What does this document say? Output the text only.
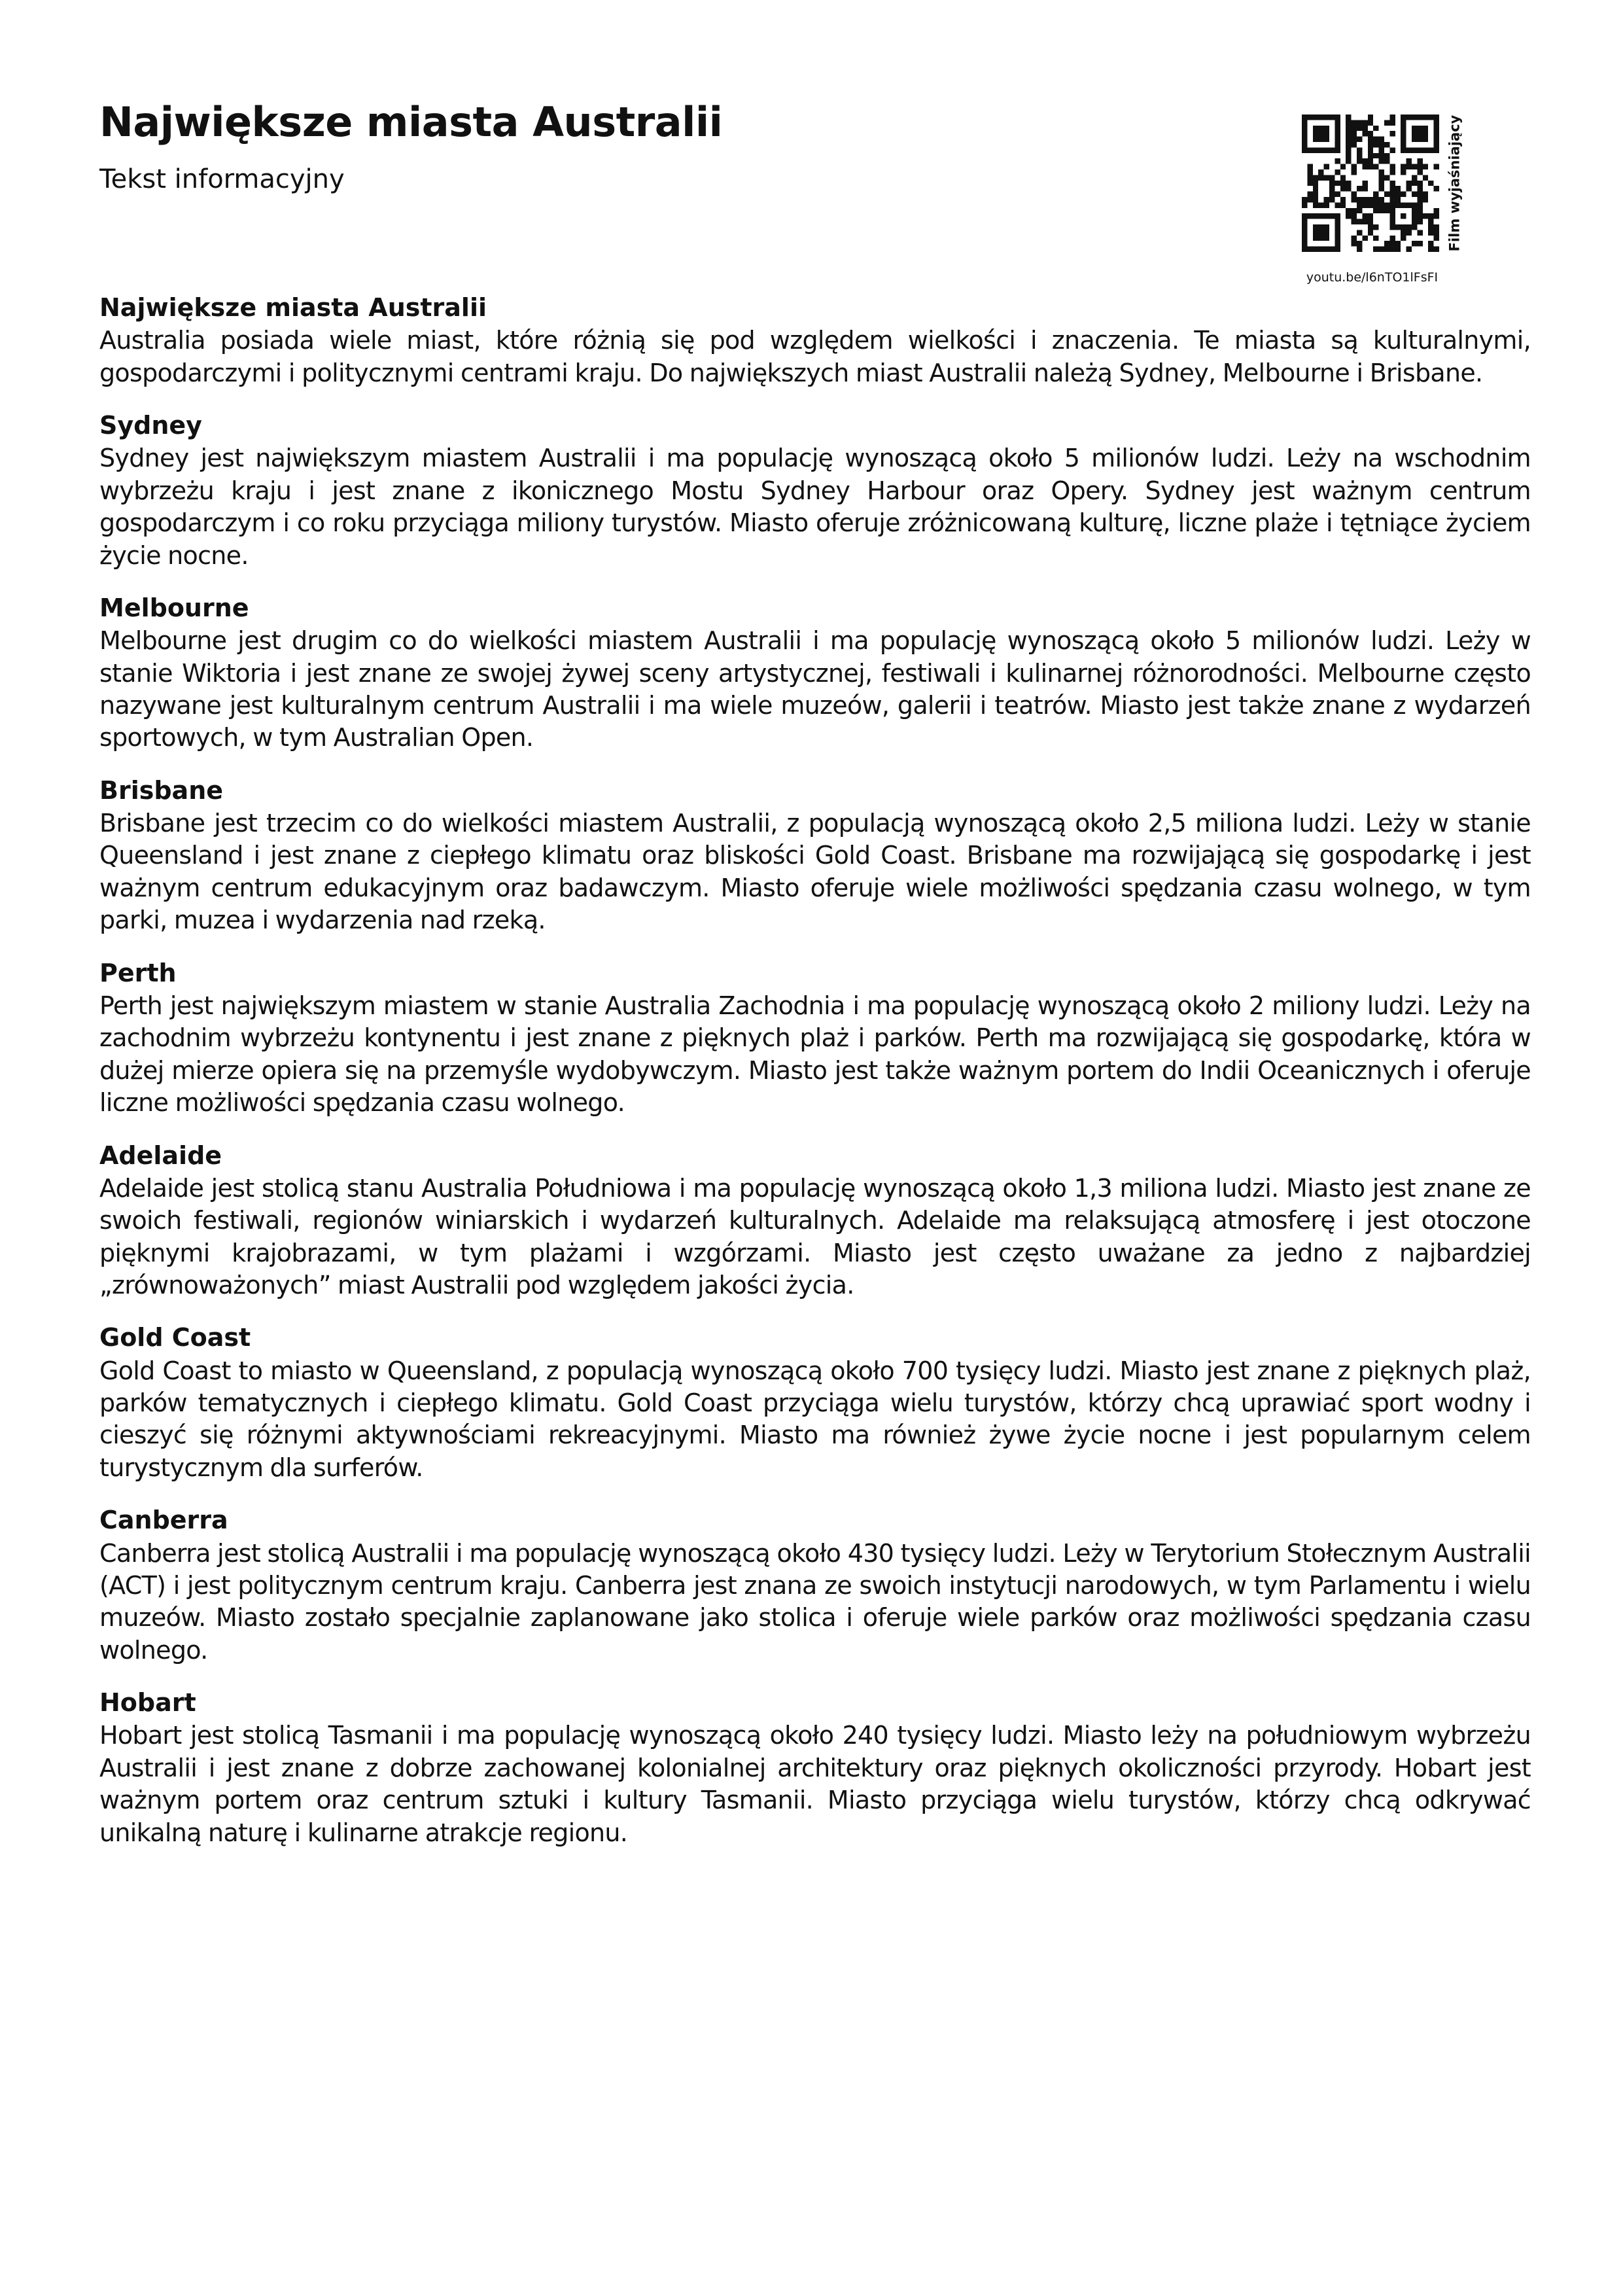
Największe miasta Australii

Tekst informacyjny

youtu.be/l6nTO1lFsFI
Film wyjaśniający
Największe miasta Australii

Australia posiada wiele miast, które różnią się pod względem wielkości i znaczenia. Te miasta są kulturalnymi, gospodarczymi i politycznymi centrami kraju. Do największych miast Australii należą Sydney, Melbourne i Brisbane.

Sydney

Sydney jest największym miastem Australii i ma populację wynoszącą około 5 milionów ludzi. Leży na wschodnim wybrzeżu kraju i jest znane z ikonicznego Mostu Sydney Harbour oraz Opery. Sydney jest ważnym centrum gospodarczym i co roku przyciąga miliony turystów. Miasto oferuje zróżnicowaną kulturę, liczne plaże i tętniące życiem życie nocne.

Melbourne

Melbourne jest drugim co do wielkości miastem Australii i ma populację wynoszącą około 5 milionów ludzi. Leży w stanie Wiktoria i jest znane ze swojej żywej sceny artystycznej, festiwali i kulinarnej różnorodności. Melbourne często nazywane jest kulturalnym centrum Australii i ma wiele muzeów, galerii i teatrów. Miasto jest także znane z wydarzeń sportowych, w tym Australian Open.

Brisbane

Brisbane jest trzecim co do wielkości miastem Australii, z populacją wynoszącą około 2,5 miliona ludzi. Leży w stanie Queensland i jest znane z ciepłego klimatu oraz bliskości Gold Coast. Brisbane ma rozwijającą się gospodarkę i jest ważnym centrum edukacyjnym oraz badawczym. Miasto oferuje wiele możliwości spędzania czasu wolnego, w tym parki, muzea i wydarzenia nad rzeką.

Perth

Perth jest największym miastem w stanie Australia Zachodnia i ma populację wynoszącą około 2 miliony ludzi. Leży na zachodnim wybrzeżu kontynentu i jest znane z pięknych plaż i parków. Perth ma rozwijającą się gospodarkę, która w dużej mierze opiera się na przemyśle wydobywczym. Miasto jest także ważnym portem do Indii Oceanicznych i oferuje liczne możliwości spędzania czasu wolnego.

Adelaide

Adelaide jest stolicą stanu Australia Południowa i ma populację wynoszącą około 1,3 miliona ludzi. Miasto jest znane ze swoich festiwali, regionów winiarskich i wydarzeń kulturalnych. Adelaide ma relaksującą atmosferę i jest otoczone pięknymi krajobrazami, w tym plażami i wzgórzami. Miasto jest często uważane za jedno z najbardziej „zrównoważonych” miast Australii pod względem jakości życia.

Gold Coast

Gold Coast to miasto w Queensland, z populacją wynoszącą około 700 tysięcy ludzi. Miasto jest znane z pięknych plaż, parków tematycznych i ciepłego klimatu. Gold Coast przyciąga wielu turystów, którzy chcą uprawiać sport wodny i cieszyć się różnymi aktywnościami rekreacyjnymi. Miasto ma również żywe życie nocne i jest popularnym celem turystycznym dla surferów.

Canberra

Canberra jest stolicą Australii i ma populację wynoszącą około 430 tysięcy ludzi. Leży w Terytorium Stołecznym Australii (ACT) i jest politycznym centrum kraju. Canberra jest znana ze swoich instytucji narodowych, w tym Parlamentu i wielu muzeów. Miasto zostało specjalnie zaplanowane jako stolica i oferuje wiele parków oraz możliwości spędzania czasu wolnego.

Hobart

Hobart jest stolicą Tasmanii i ma populację wynoszącą około 240 tysięcy ludzi. Miasto leży na południowym wybrzeżu Australii i jest znane z dobrze zachowanej kolonialnej architektury oraz pięknych okoliczności przyrody. Hobart jest ważnym portem oraz centrum sztuki i kultury Tasmanii. Miasto przyciąga wielu turystów, którzy chcą odkrywać unikalną naturę i kulinarne atrakcje regionu.
